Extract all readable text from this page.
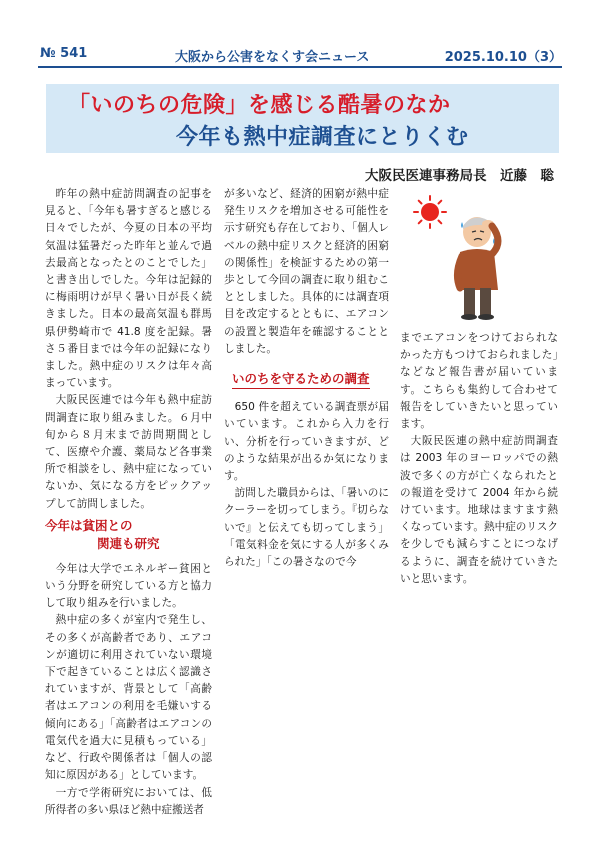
№ 541	大阪から公害をなくす会ニュース	2025.10.10（3）
「いのちの危険」を感じる酷暑のなか
今年も熱中症調査にとりくむ
大阪民医連事務局長　近藤　聡

昨年の熱中症訪問調査の記事を見ると、「今年も暑すぎると感じる日々でしたが、今夏の日本の平均気温は猛暑だった昨年と並んで過去最高となったとのことでした」と書き出しでした。今年は記録的に梅雨明けが早く暑い日が長く続きました。日本の最高気温も群馬県伊勢崎市で 41.8 度を記録。暑さ５番目までは今年の記録になりました。熱中症のリスクは年々高まっています。

大阪民医連では今年も熱中症訪問調査に取り組みました。６月中旬から８月末まで訪問期間として、医療や介護、薬局など各事業所で相談をし、熱中症になっていないか、気になる方をピックアップして訪問しました。

今年は貧困との
関連も研究

今年は大学でエネルギー貧困という分野を研究している方と協力して取り組みを行いました。

熱中症の多くが室内で発生し、その多くが高齢者であり、エアコンが適切に利用されていない環境下で起きていることは広く認識されていますが、背景として「高齢者はエアコンの利用を毛嫌いする傾向にある」「高齢者はエアコンの電気代を過大に見積もっている」など、行政や関係者は「個人の認知に原因がある」としています。

一方で学術研究においては、低所得者の多い県ほど熱中症搬送者

が多いなど、経済的困窮が熱中症発生リスクを増加させる可能性を示す研究も存在しており、「個人レベルの熱中症リスクと経済的困窮の関係性」を検証するための第一歩として今回の調査に取り組むこととしました。具体的には調査項目を改定するとともに、エアコンの設置と製造年を確認することとしました。

いのちを守るための調査

650 件を超えている調査票が届いています。これから入力を行い、分析を行っていきますが、どのような結果が出るか気になります。

訪問した職員からは、「暑いのにクーラーを切ってしまう。『切らないで』と伝えても切ってしまう」「電気料金を気にする人が多くみられた」「この暑さなので今

までエアコンをつけておられなかった方もつけておられました」などなど報告書が届いています。こちらも集約して合わせて報告をしていきたいと思っています。

大阪民医連の熱中症訪問調査は 2003 年のヨーロッパでの熱波で多くの方が亡くなられたとの報道を受けて 2004 年から続けています。地球はますます熱くなっています。熱中症のリスクを少しでも減らすことにつなげるように、調査を続けていきたいと思います。
